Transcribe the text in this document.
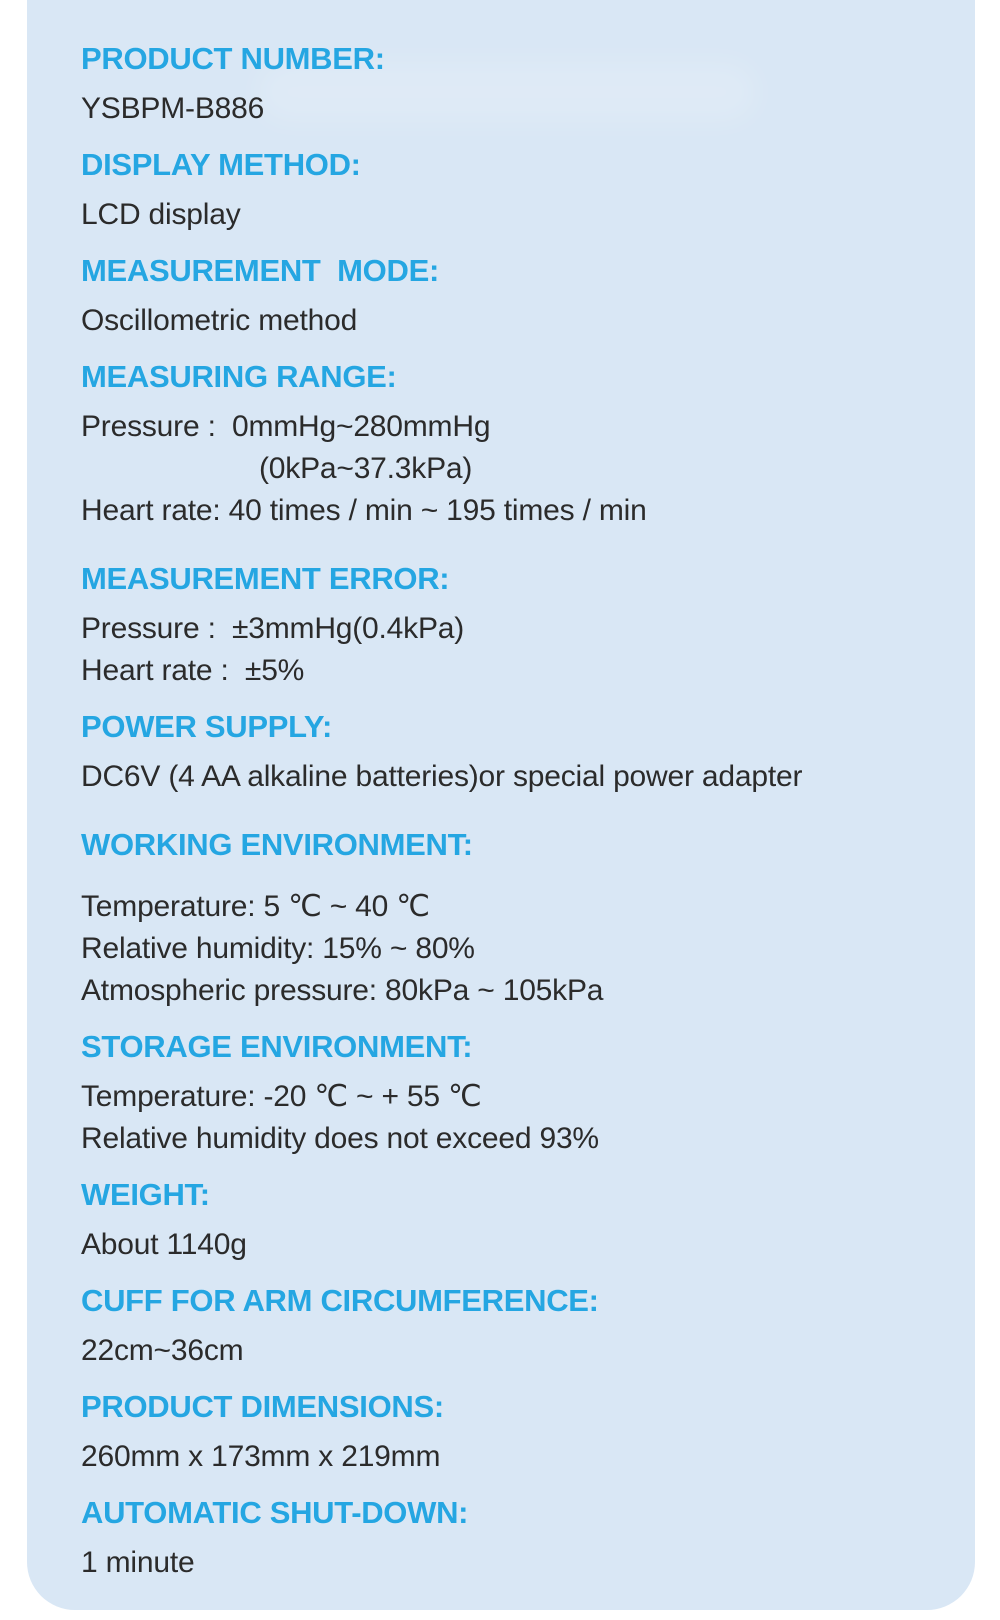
PRODUCT NUMBER:

YSBPM-B886

DISPLAY METHOD:

LCD display

MEASUREMENT  MODE:

Oscillometric method

MEASURING RANGE:

Pressure :  0mmHg~280mmHg

(0kPa~37.3kPa)

Heart rate: 40 times / min ~ 195 times / min

MEASUREMENT ERROR:

Pressure :  ±3mmHg(0.4kPa)

Heart rate :  ±5%

POWER SUPPLY:

DC6V (4 AA alkaline batteries)or special power adapter

WORKING ENVIRONMENT:

Temperature: 5 ℃ ~ 40 ℃

Relative humidity: 15% ~ 80%

Atmospheric pressure: 80kPa ~ 105kPa

STORAGE ENVIRONMENT:

Temperature: -20 ℃ ~ + 55 ℃

Relative humidity does not exceed 93%

WEIGHT:

About 1140g

CUFF FOR ARM CIRCUMFERENCE:

22cm~36cm

PRODUCT DIMENSIONS:

260mm x 173mm x 219mm

AUTOMATIC SHUT-DOWN:

1 minute
